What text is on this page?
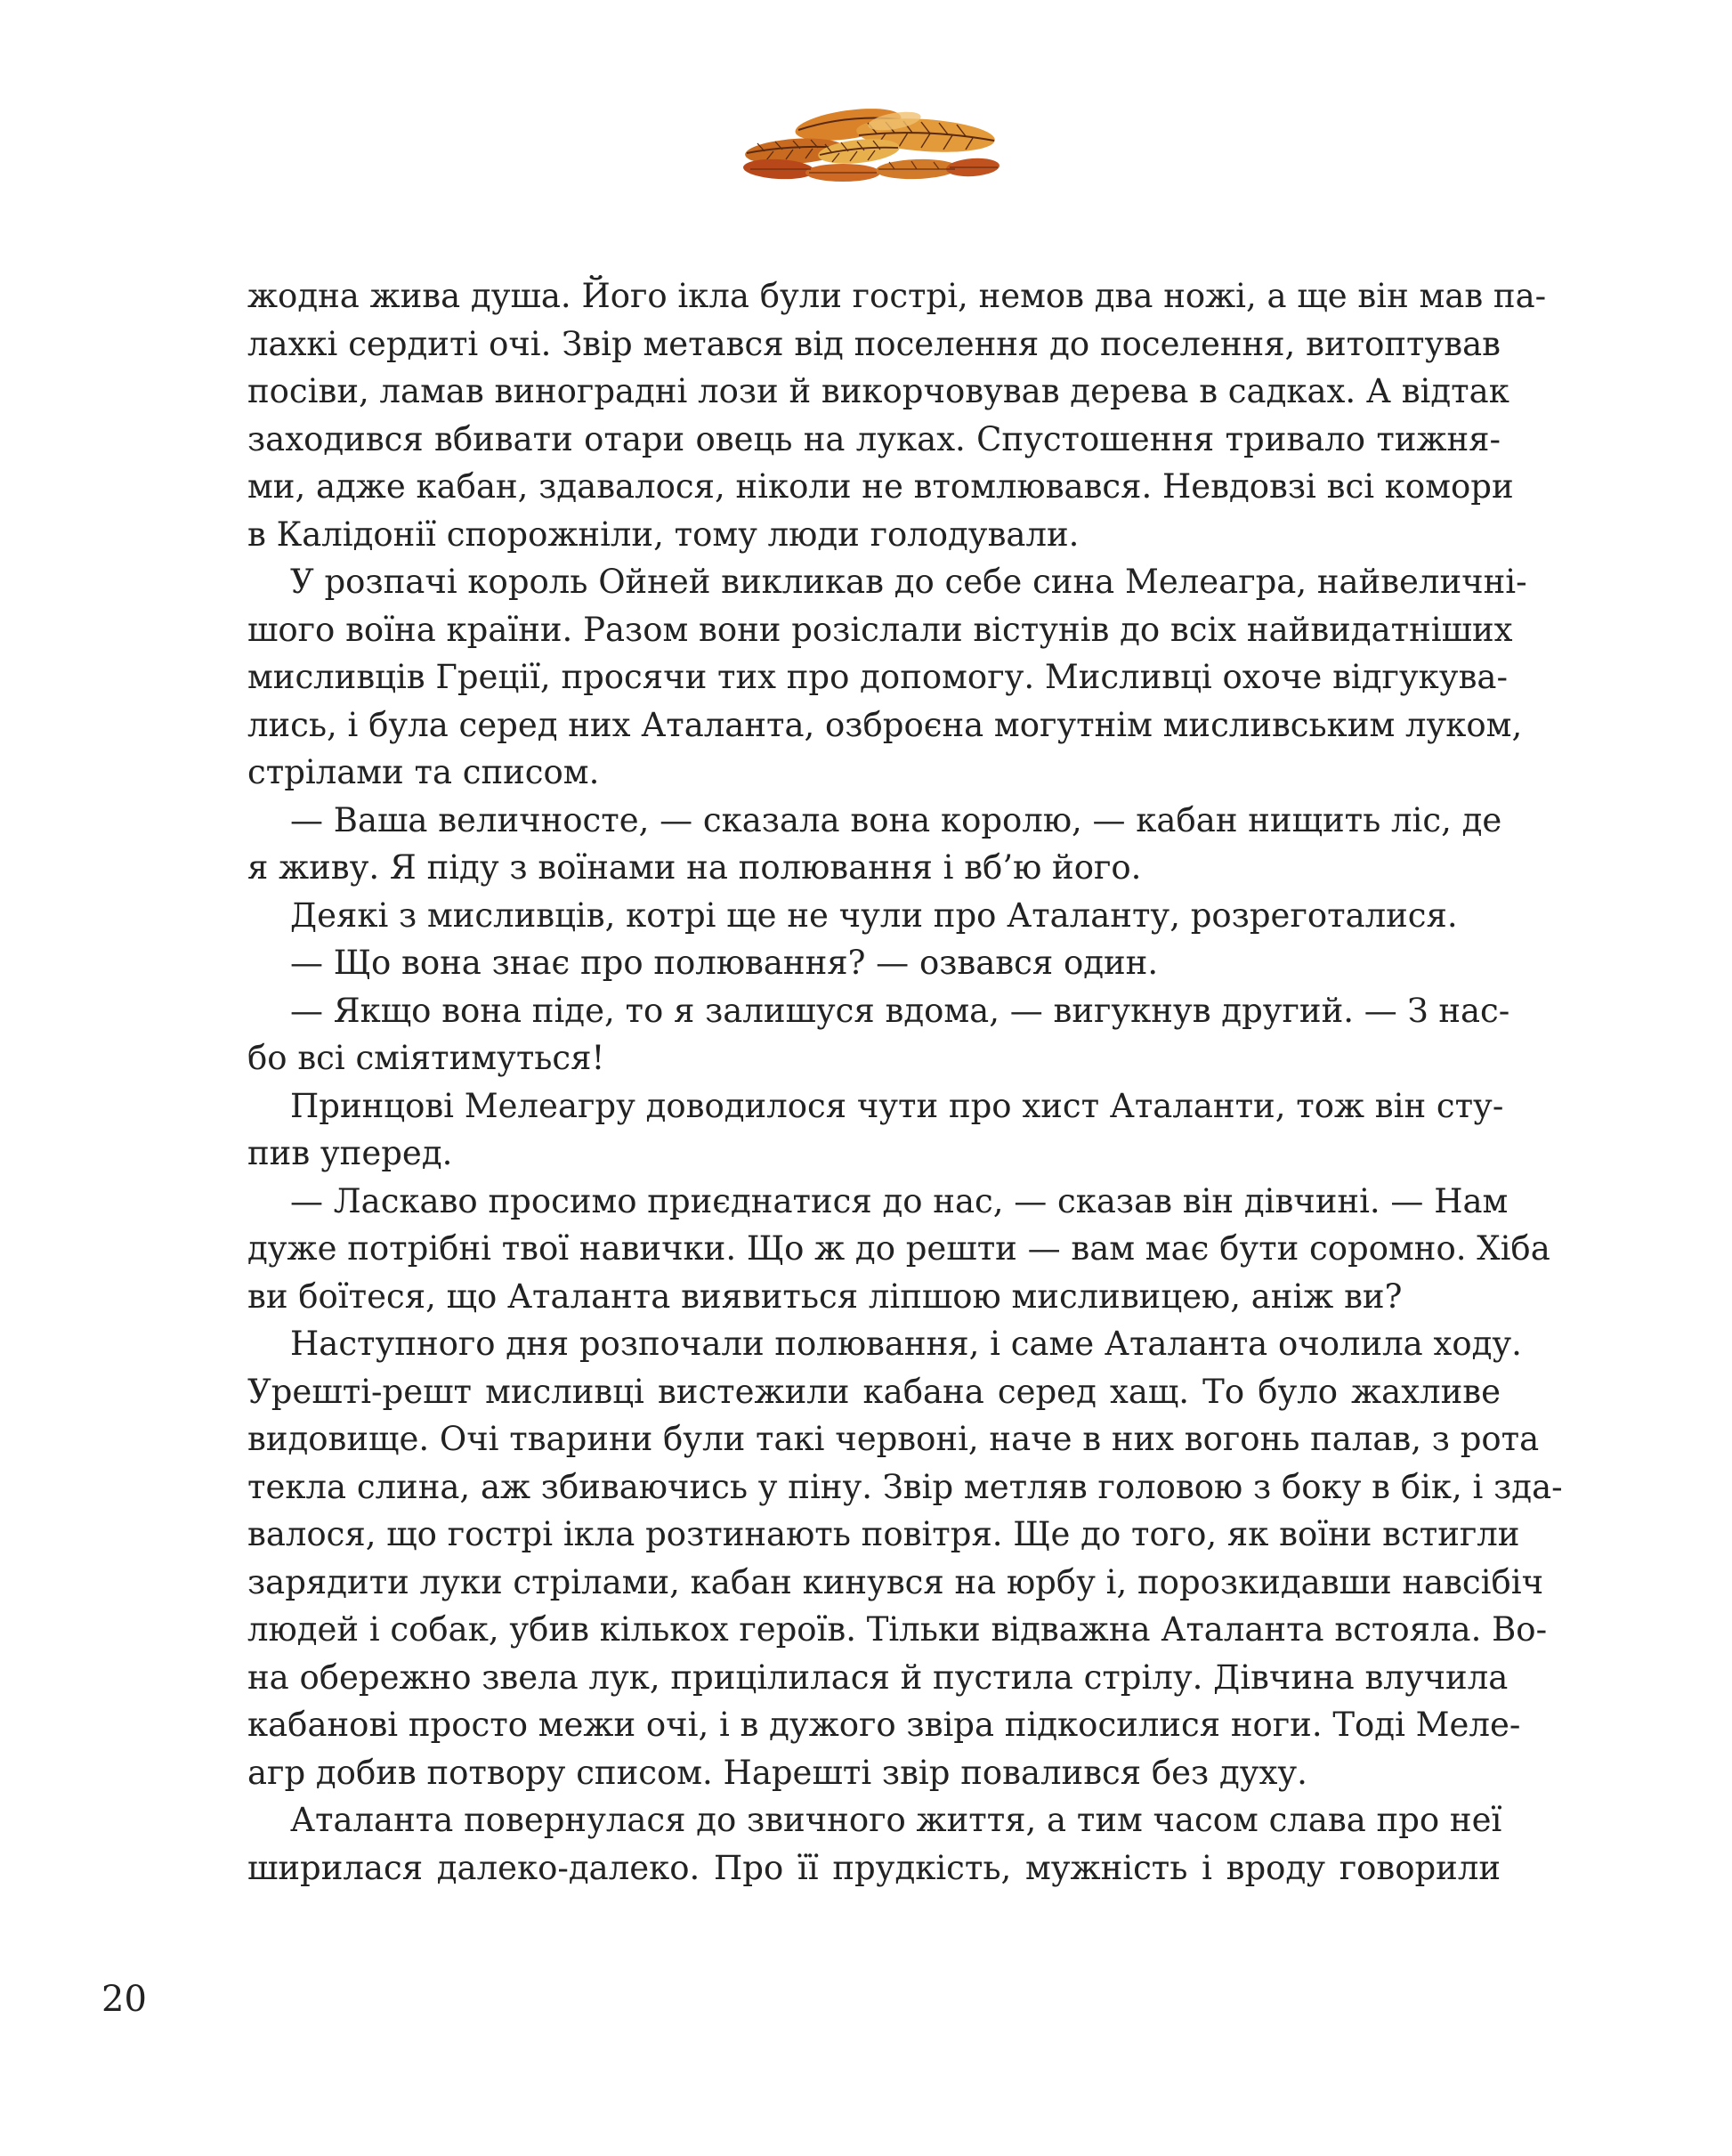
жодна жива душа. Його ікла були гострі, немов два ножі, а ще він мав па-
лахкі сердиті очі. Звір метався від поселення до поселення, витоптував
посіви, ламав виноградні лози й викорчовував дерева в садках. А відтак
заходився вбивати отари овець на луках. Спустошення тривало тижня-
ми, адже кабан, здавалося, ніколи не втомлювався. Невдовзі всі комори
в Калідонії спорожніли, тому люди голодували.
У розпачі король Ойней викликав до себе сина Мелеагра, найвеличні-
шого воїна країни. Разом вони розіслали вістунів до всіх найвидатніших
мисливців Греції, просячи тих про допомогу. Мисливці охоче відгукува-
лись, і була серед них Аталанта, озброєна могутнім мисливським луком,
стрілами та списом.
— Ваша величносте, — сказала вона королю, — кабан нищить ліс, де
я живу. Я піду з воїнами на полювання і вб’ю його.
Деякі з мисливців, котрі ще не чули про Аталанту, розреготалися.
— Що вона знає про полювання? — озвався один.
— Якщо вона піде, то я залишуся вдома, — вигукнув другий. — З нас-
бо всі сміятимуться!
Принцові Мелеагру доводилося чути про хист Аталанти, тож він сту-
пив уперед.
— Ласкаво просимо приєднатися до нас, — сказав він дівчині. — Нам
дуже потрібні твої навички. Що ж до решти — вам має бути соромно. Хіба
ви боїтеся, що Аталанта виявиться ліпшою мисливицею, аніж ви?
Наступного дня розпочали полювання, і саме Аталанта очолила ходу.
Урешті-решт мисливці вистежили кабана серед хащ. То було жахливе
видовище. Очі тварини були такі червоні, наче в них вогонь палав, з рота
текла слина, аж збиваючись у піну. Звір метляв головою з боку в бік, і зда-
валося, що гострі ікла розтинають повітря. Ще до того, як воїни встигли
зарядити луки стрілами, кабан кинувся на юрбу і, порозкидавши навсібіч
людей і собак, убив кількох героїв. Тільки відважна Аталанта встояла. Во-
на обережно звела лук, прицілилася й пустила стрілу. Дівчина влучила
кабанові просто межи очі, і в дужого звіра підкосилися ноги. Тоді Меле-
агр добив потвору списом. Нарешті звір повалився без духу.
Аталанта повернулася до звичного життя, а тим часом слава про неї
ширилася далеко-далеко. Про її прудкість, мужність і вроду говорили
20
